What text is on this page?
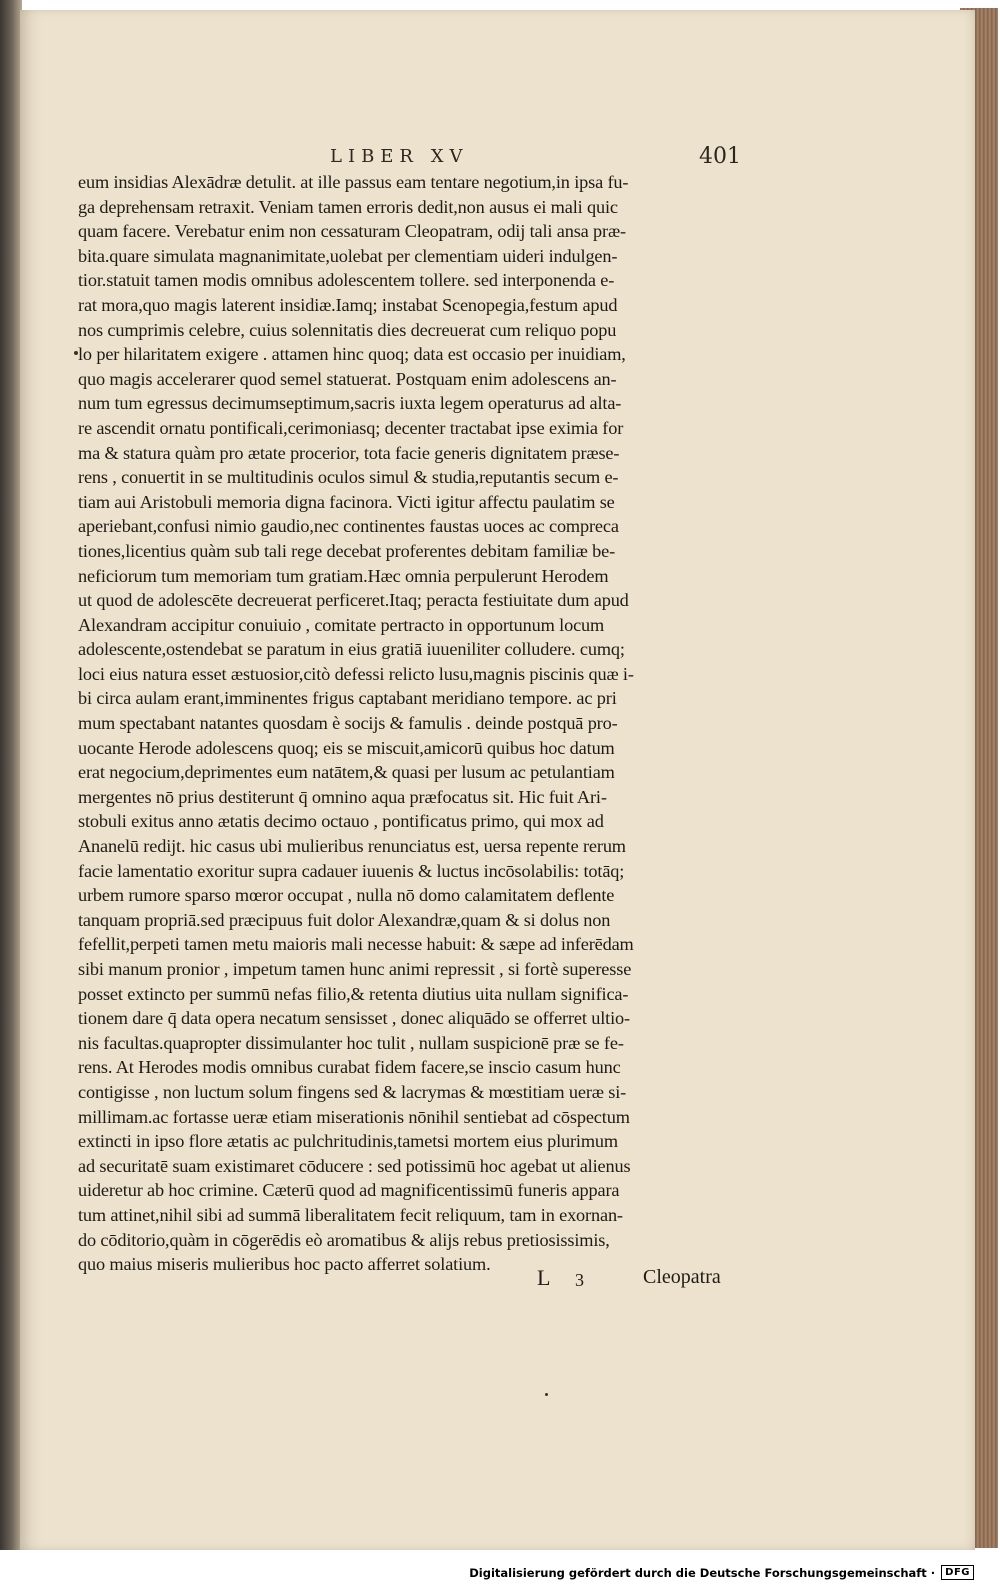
LIBER XV	401
eum insidias Alexādræ detulit. at ille passus eam tentare negotium,in ipsa fu-
ga deprehensam retraxit. Veniam tamen erroris dedit,non ausus ei mali quic
quam facere. Verebatur enim non cessaturam Cleopatram, odij tali ansa præ-
bita.quare simulata magnanimitate,uolebat per clementiam uideri indulgen-
tior.statuit tamen modis omnibus adolescentem tollere. sed interponenda e-
rat mora,quo magis laterent insidiæ.Iamq; instabat Scenopegia,festum apud
nos cumprimis celebre, cuius solennitatis dies decreuerat cum reliquo popu
lo per hilaritatem exigere . attamen hinc quoq; data est occasio per inuidiam,
quo magis accelerarer quod semel statuerat. Postquam enim adolescens an-
num tum egressus decimumseptimum,sacris iuxta legem operaturus ad alta-
re ascendit ornatu pontificali,cerimoniasq; decenter tractabat ipse eximia for
ma & statura quàm pro ætate procerior, tota facie generis dignitatem præse-
rens , conuertit in se multitudinis oculos simul & studia,reputantis secum e-
tiam aui Aristobuli memoria digna facinora. Victi igitur affectu paulatim se
aperiebant,confusi nimio gaudio,nec continentes faustas uoces ac compreca
tiones,licentius quàm sub tali rege decebat proferentes debitam familiæ be-
neficiorum tum memoriam tum gratiam.Hæc omnia perpulerunt Herodem
ut quod de adolescēte decreuerat perficeret.Itaq; peracta festiuitate dum apud
Alexandram accipitur conuiuio , comitate pertracto in opportunum locum
adolescente,ostendebat se paratum in eius gratiā iuueniliter colludere. cumq;
loci eius natura esset æstuosior,citò defessi relicto lusu,magnis piscinis quæ i-
bi circa aulam erant,imminentes frigus captabant meridiano tempore. ac pri
mum spectabant natantes quosdam è socijs & famulis . deinde postquā pro-
uocante Herode adolescens quoq; eis se miscuit,amicorū quibus hoc datum
erat negocium,deprimentes eum natātem,& quasi per lusum ac petulantiam
mergentes nō prius destiterunt q̄ omnino aqua præfocatus sit. Hic fuit Ari-
stobuli exitus anno ætatis decimo octauo , pontificatus primo, qui mox ad
Ananelū redijt. hic casus ubi mulieribus renunciatus est, uersa repente rerum
facie lamentatio exoritur supra cadauer iuuenis & luctus incōsolabilis: totāq;
urbem rumore sparso mœror occupat , nulla nō domo calamitatem deflente
tanquam propriā.sed præcipuus fuit dolor Alexandræ,quam & si dolus non
fefellit,perpeti tamen metu maioris mali necesse habuit: & sæpe ad inferēdam
sibi manum pronior , impetum tamen hunc animi repressit , si fortè superesse
posset extincto per summū nefas filio,& retenta diutius uita nullam significa-
tionem dare q̄ data opera necatum sensisset , donec aliquādo se offerret ultio-
nis facultas.quapropter dissimulanter hoc tulit , nullam suspicionē præ se fe-
rens. At Herodes modis omnibus curabat fidem facere,se inscio casum hunc
contigisse , non luctum solum fingens sed & lacrymas & mœstitiam ueræ si-
millimam.ac fortasse ueræ etiam miserationis nōnihil sentiebat ad cōspectum
extincti in ipso flore ætatis ac pulchritudinis,tametsi mortem eius plurimum
ad securitatē suam existimaret cōducere : sed potissimū hoc agebat ut alienus
uideretur ab hoc crimine. Cæterū quod ad magnificentissimū funeris appara
tum attinet,nihil sibi ad summā liberalitatem fecit reliquum, tam in exornan-
do cōditorio,quàm in cōgerēdis eò aromatibus & alijs rebus pretiosissimis,
quo maius miseris mulieribus hoc pacto afferret solatium.
L 3	Cleopatra
Digitalisierung gefördert durch die Deutsche Forschungsgemeinschaft ·	DFG
